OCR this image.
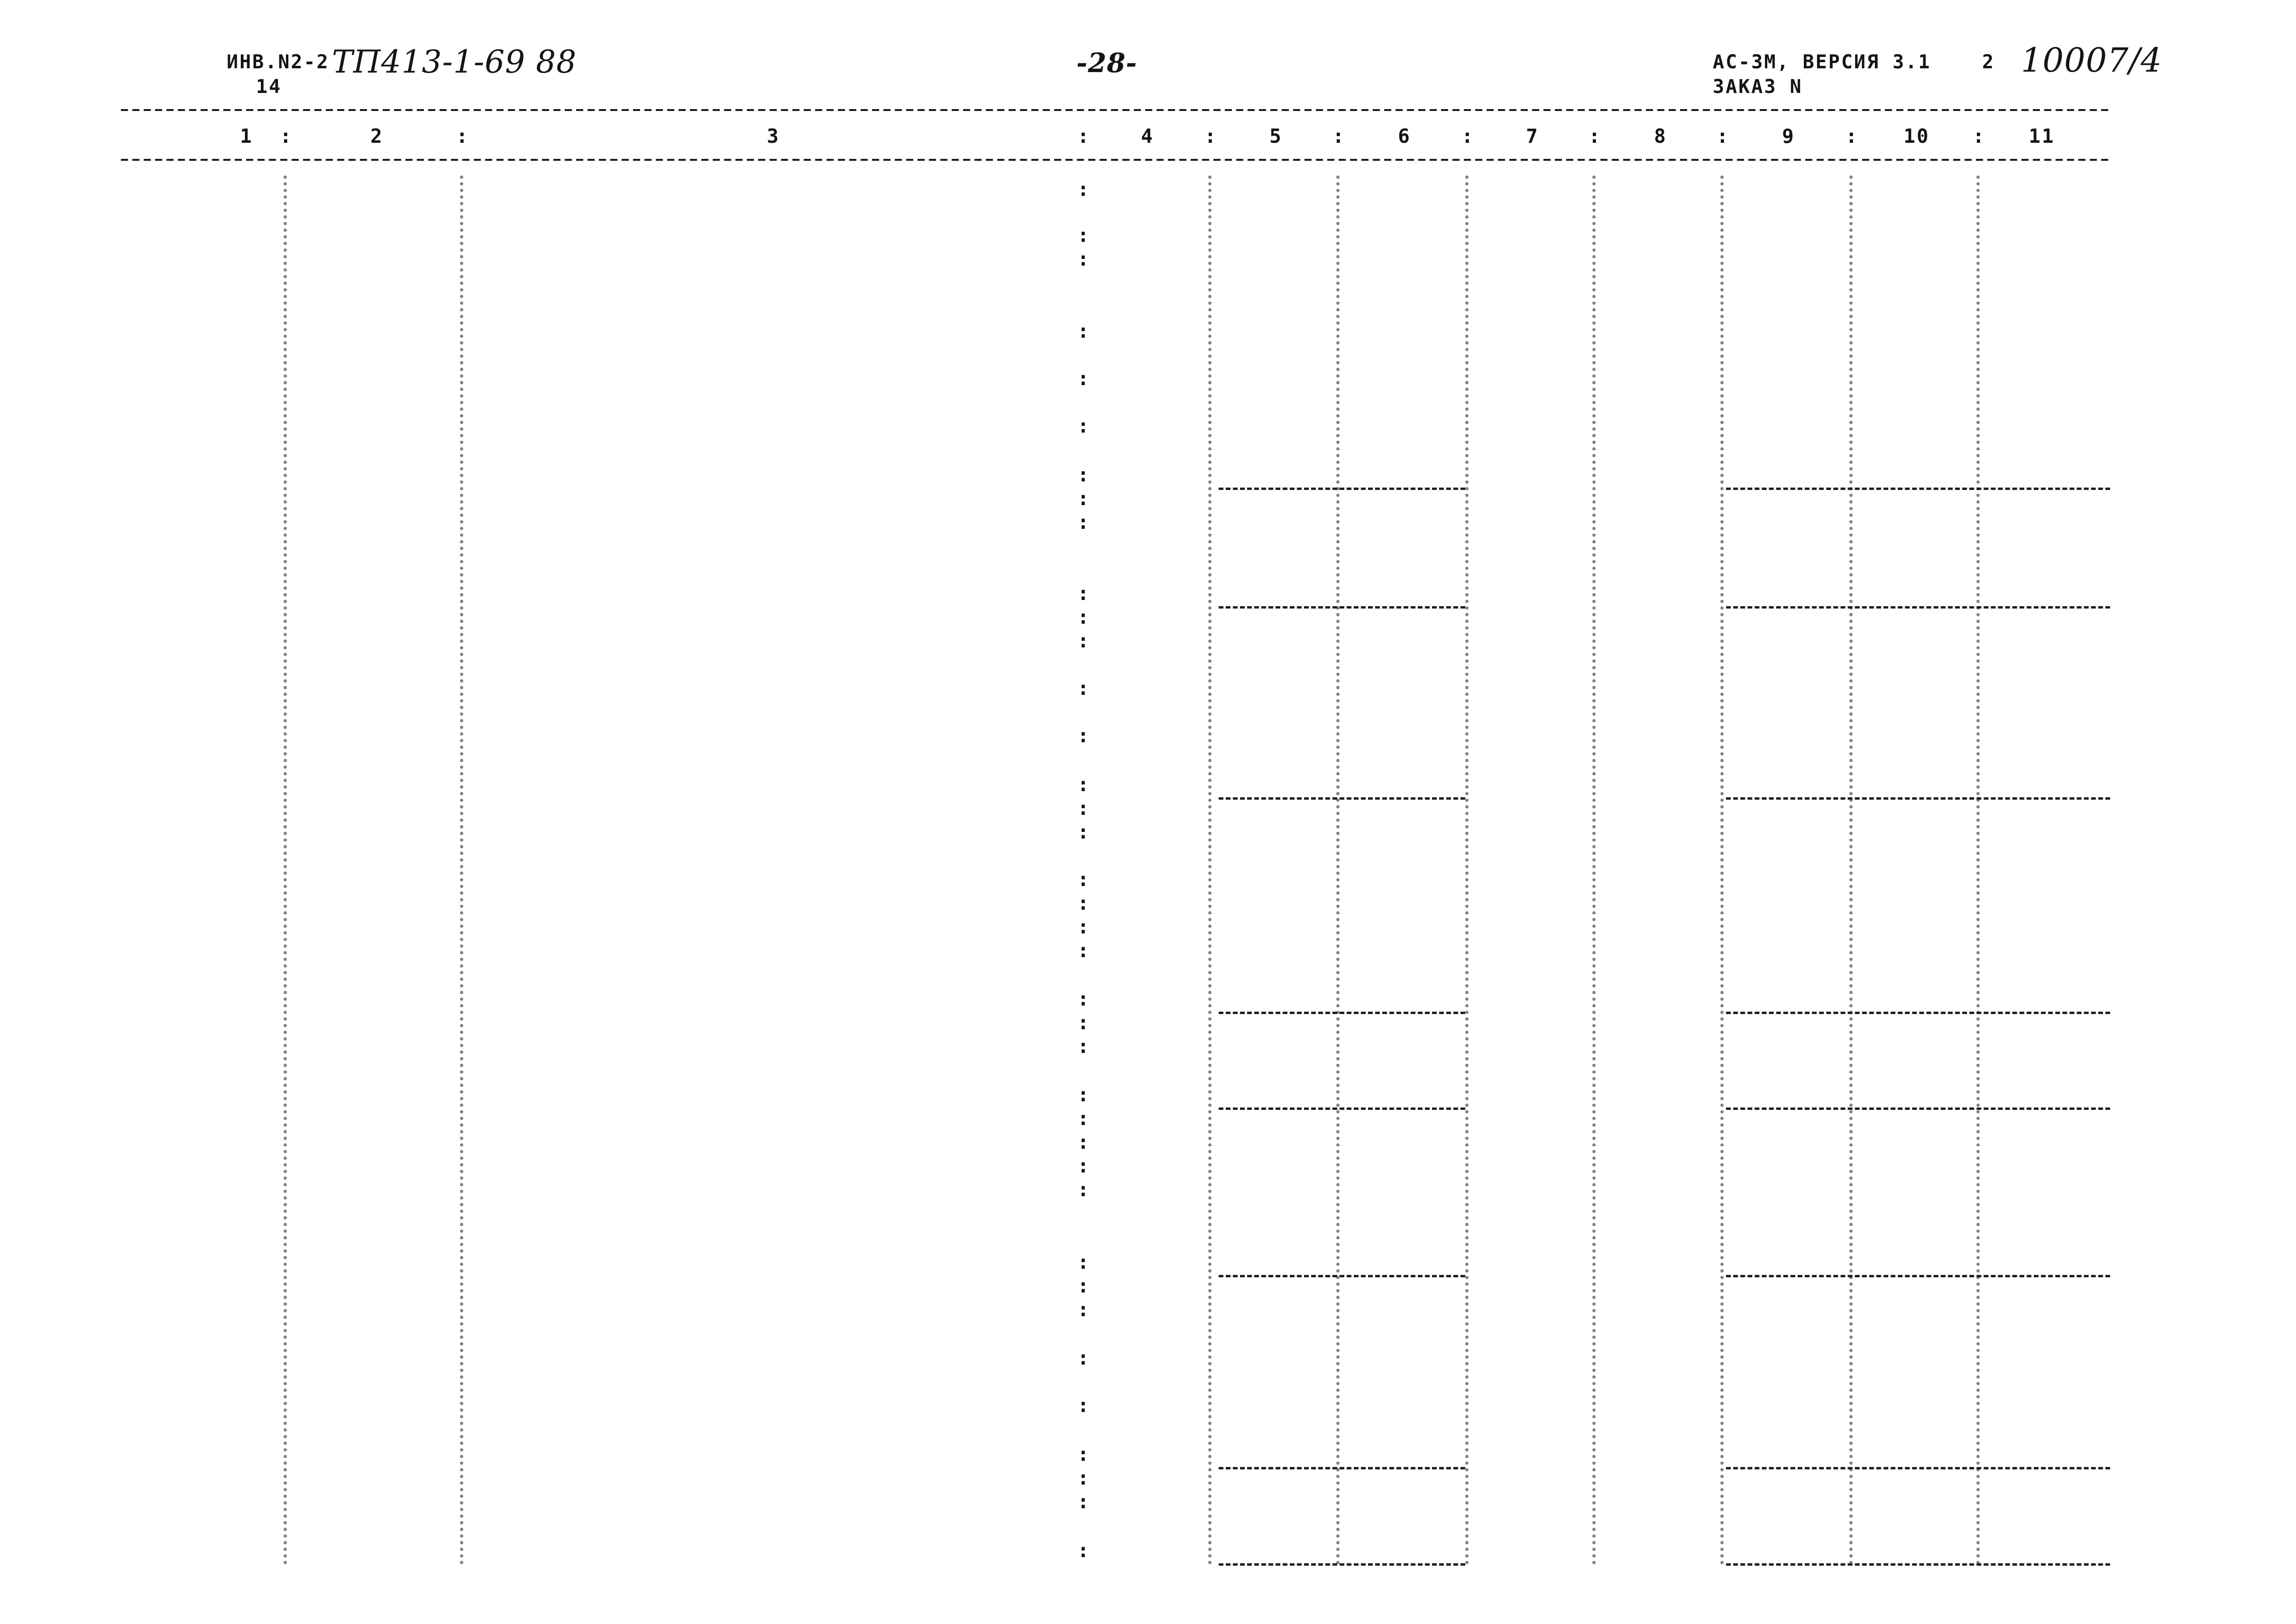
ИНВ.N2-2 ТП413-1-69 88
14
-28-	АС-3М, ВЕРСИЯ 3.1	2 10007/4
ЗАКАЗ N
1	2	3	4	5	6	7	8	9	10	11
:	:	:	:	:	:	:	:	:	:
:
:
:
:
:
:
:
:
:
:
:
:
:
:
:
:
:
:
:
:
:
:
:
:
:
:
:
:
:
:
:
:
:
:
:
:
:
:
